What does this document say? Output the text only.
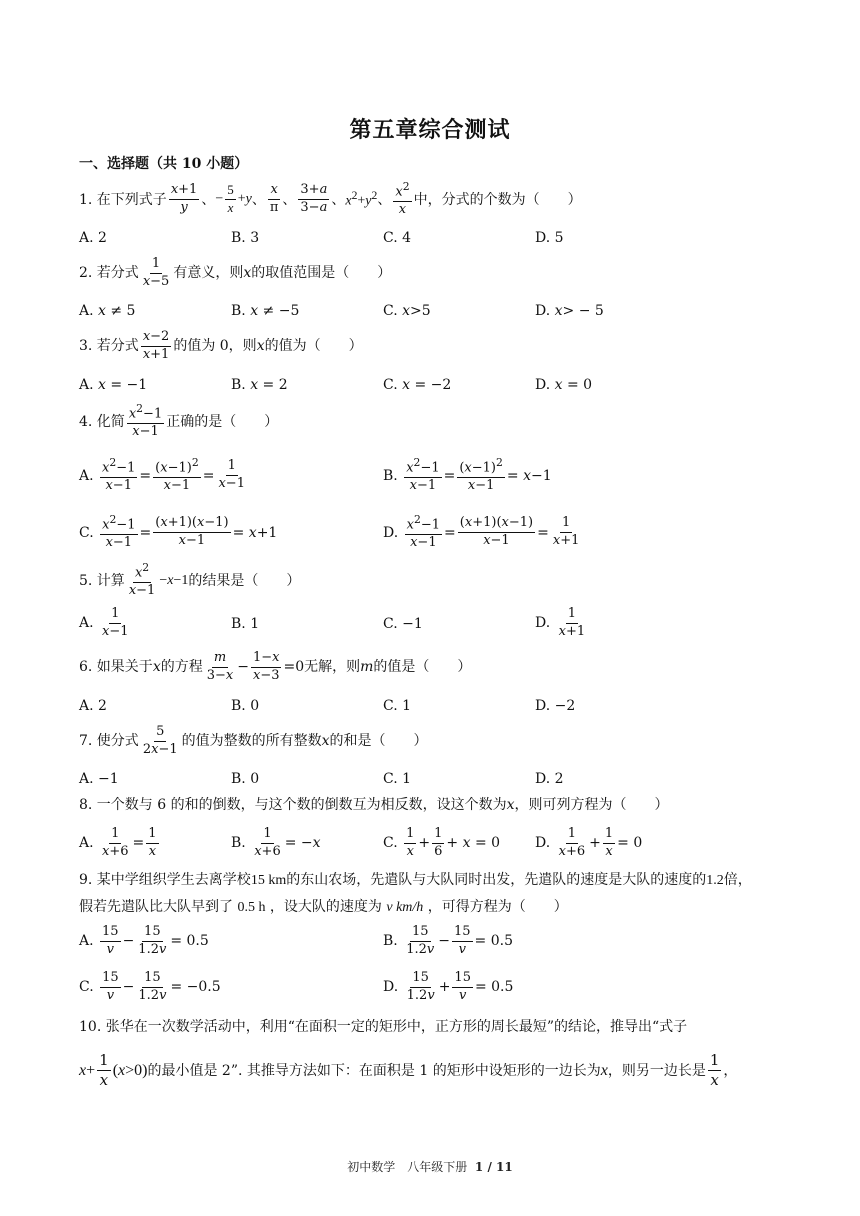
第五章综合测试
一、选择题（共 10 小题）
1. 在下列式子 $\frac{x+1}{y}$ 、 − $\frac{5}{x} +y$ 、 $\frac{x}{\pi}$ 、 $\frac{3+a}{3-a}$ 、 $x^2+y^2$ 、 $\frac{x^2}{x}$ 中，分式的个数为（　　）
A. 2	B. 3	C. 4	D. 5
2. 若分式 $\frac{1}{x-5}$ 有意义，则 x 的取值范围是（　　）
A.
x ≠ 5	B.
x ≠ −5	C.
x >5	D.
x > − 5
3. 若分式 $\frac{x-2}{x+1}$ 的值为 0，则 x 的值为（　　）
A.
x = −1	B.
x = 2	C.
x = −2	D.
x = 0
4. 化简 $\frac{x^2-1}{x-1}$ 正确的是（　　）
A.
$\frac{x^2-1}{x-1} = \frac{(x-1)^2}{x-1} = \frac{1}{x-1}$	B.
$\frac{x^2-1}{x-1} = \frac{(x-1)^2}{x-1} = x -1$
C.
$\frac{x^2-1}{x-1} = \frac{(x+1)(x-1)}{x-1} = x +1$	D.
$\frac{x^2-1}{x-1} = \frac{(x+1)(x-1)}{x-1} = \frac{1}{x+1}$
5. 计算 $\frac{x^2}{x-1} -x-1$ 的结果是（　　）
A.
$\frac{1}{x-1}$	B. 1	C. −1	D.
$\frac{1}{x+1}$
6. 如果关于 x 的方程 $\frac{m}{3-x} - \frac{1-x}{x-3} =0$ 无解，则 m 的值是（　　）
A. 2	B. 0	C. 1	D. −2
7. 使分式 $\frac{5}{2x-1}$ 的值为整数的所有整数 x 的和是（　　）
A. −1	B. 0	C. 1	D. 2
8. 一个数与 6 的和的倒数，与这个数的倒数互为相反数，设这个数为 x ，则可列方程为（　　）
A.
$\frac{1}{x+6} = \frac{1}{x}$	B.
$\frac{1}{x+6}$ = − x	C.
$\frac{1}{x} + \frac{1}{6} + x = 0$ D.
$\frac{1}{x+6} + \frac{1}{x} = 0$
9. 某中学组织学生去离学校15 km的东山农场，先遣队与大队同时出发，先遣队的速度是大队的速度的1.2倍，
假若先遣队比大队早到了 0.5 h ，设大队的速度为 v km/h ，可得方程为（　　）
A.
$\frac{15}{v} - \frac{15}{1.2v} = 0.5$	B.
$\frac{15}{1.2v} - \frac{15}{v} = 0.5$
C.
$\frac{15}{v} - \frac{15}{1.2v} = -0.5$	D.
$\frac{15}{1.2v} + \frac{15}{v} = 0.5$
10. 张华在一次数学活动中，利用“在面积一定的矩形中，正方形的周长最短”的结论，推导出“式子
$x+ \frac{1}{x} (x>0)$ 的最小值是 2”. 其推导方法如下：在面积是 1 的矩形中设矩形的一边长为 x ，则另一边长是 $\frac{1}{x}$ ，
初中数学　八年级下册 1 / 11
